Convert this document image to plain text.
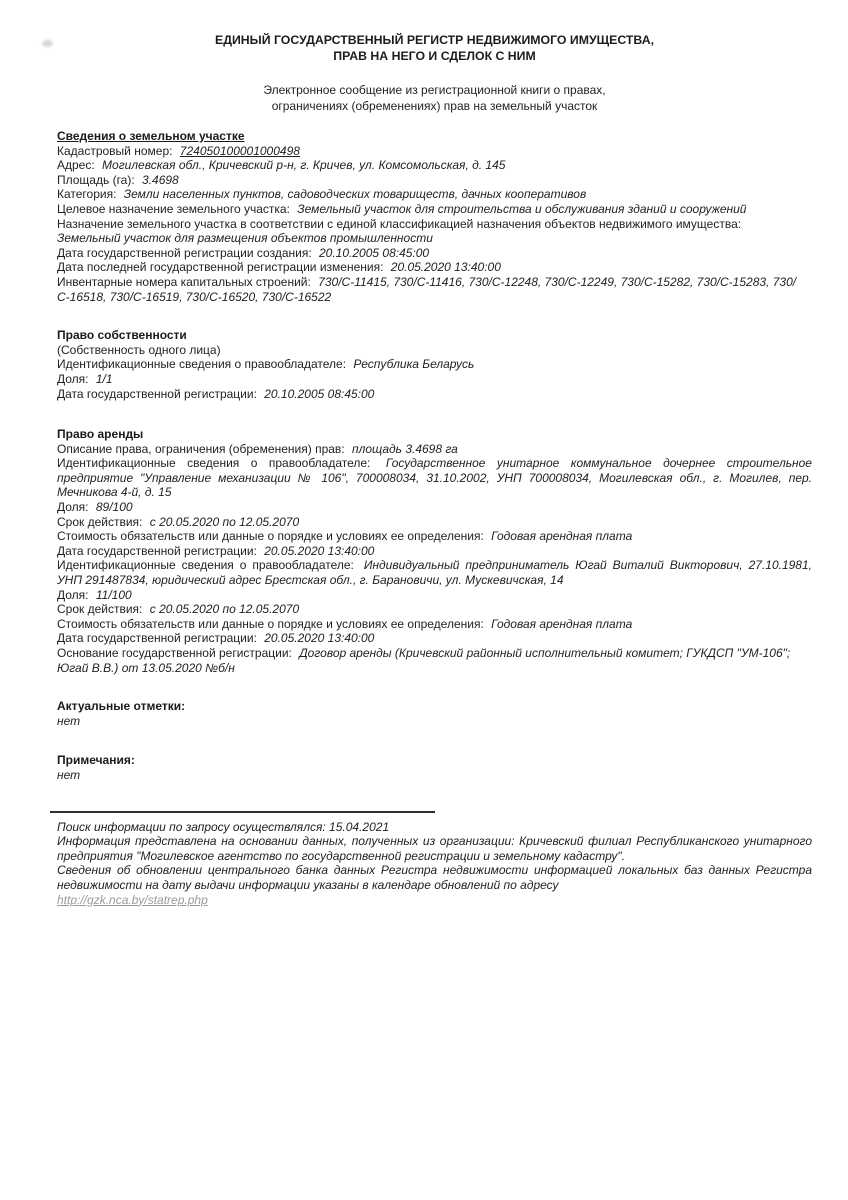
ЕДИНЫЙ ГОСУДАРСТВЕННЫЙ РЕГИСТР НЕДВИЖИМОГО ИМУЩЕСТВА,

ПРАВ НА НЕГО И СДЕЛОК С НИМ

Электронное сообщение из регистрационной книги о правах,

ограничениях (обременениях) прав на земельный участок

Сведения о земельном участке

Кадастровый номер: 724050100001000498

Адрес: Могилевская обл., Кричевский р-н, г. Кричев, ул. Комсомольская, д. 145

Площадь (га): 3.4698

Категория: Земли населенных пунктов, садоводческих товариществ, дачных кооперативов

Целевое назначение земельного участка: Земельный участок для строительства и обслуживания зданий и сооружений

Назначение земельного участка в соответствии с единой классификацией назначения объектов недвижимого имущества:
Земельный участок для размещения объектов промышленности

Дата государственной регистрации создания: 20.10.2005 08:45:00

Дата последней государственной регистрации изменения: 20.05.2020 13:40:00

Инвентарные номера капитальных строений: 730/С-11415, 730/С-11416, 730/С-12248, 730/С-12249, 730/С-15282, 730/С-15283, 730/С-16518, 730/С-16519, 730/С-16520, 730/С-16522

Право собственности

(Собственность одного лица)

Идентификационные сведения о правообладателе: Республика Беларусь

Доля: 1/1

Дата государственной регистрации: 20.10.2005 08:45:00

Право аренды

Описание права, ограничения (обременения) прав: площадь 3.4698 га

Идентификационные сведения о правообладателе: Государственное унитарное коммунальное дочернее строительное предприятие "Управление механизации № 106", 700008034, 31.10.2002, УНП 700008034, Могилевская обл., г. Могилев, пер. Мечникова 4-й, д. 15

Доля: 89/100

Срок действия: с 20.05.2020 по 12.05.2070

Стоимость обязательств или данные о порядке и условиях ее определения: Годовая арендная плата

Дата государственной регистрации: 20.05.2020 13:40:00

Идентификационные сведения о правообладателе: Индивидуальный предприниматель Югай Виталий Викторович, 27.10.1981, УНП 291487834, юридический адрес Брестская обл., г. Барановичи, ул. Мускевичская, 14

Доля: 11/100

Срок действия: с 20.05.2020 по 12.05.2070

Стоимость обязательств или данные о порядке и условиях ее определения: Годовая арендная плата

Дата государственной регистрации: 20.05.2020 13:40:00

Основание государственной регистрации: Договор аренды (Кричевский районный исполнительный комитет; ГУКДСП "УМ-106"; Югай В.В.) от 13.05.2020 №б/н

Актуальные отметки:

нет

Примечания:

нет

Поиск информации по запросу осуществлялся: 15.04.2021

Информация представлена на основании данных, полученных из организации: Кричевский филиал Республиканского унитарного предприятия "Могилевское агентство по государственной регистрации и земельному кадастру".

Сведения об обновлении центрального банка данных Регистра недвижимости информацией локальных баз данных Регистра недвижимости на дату выдачи информации указаны в календаре обновлений по адресу

http://gzk.nca.by/statrep.php
